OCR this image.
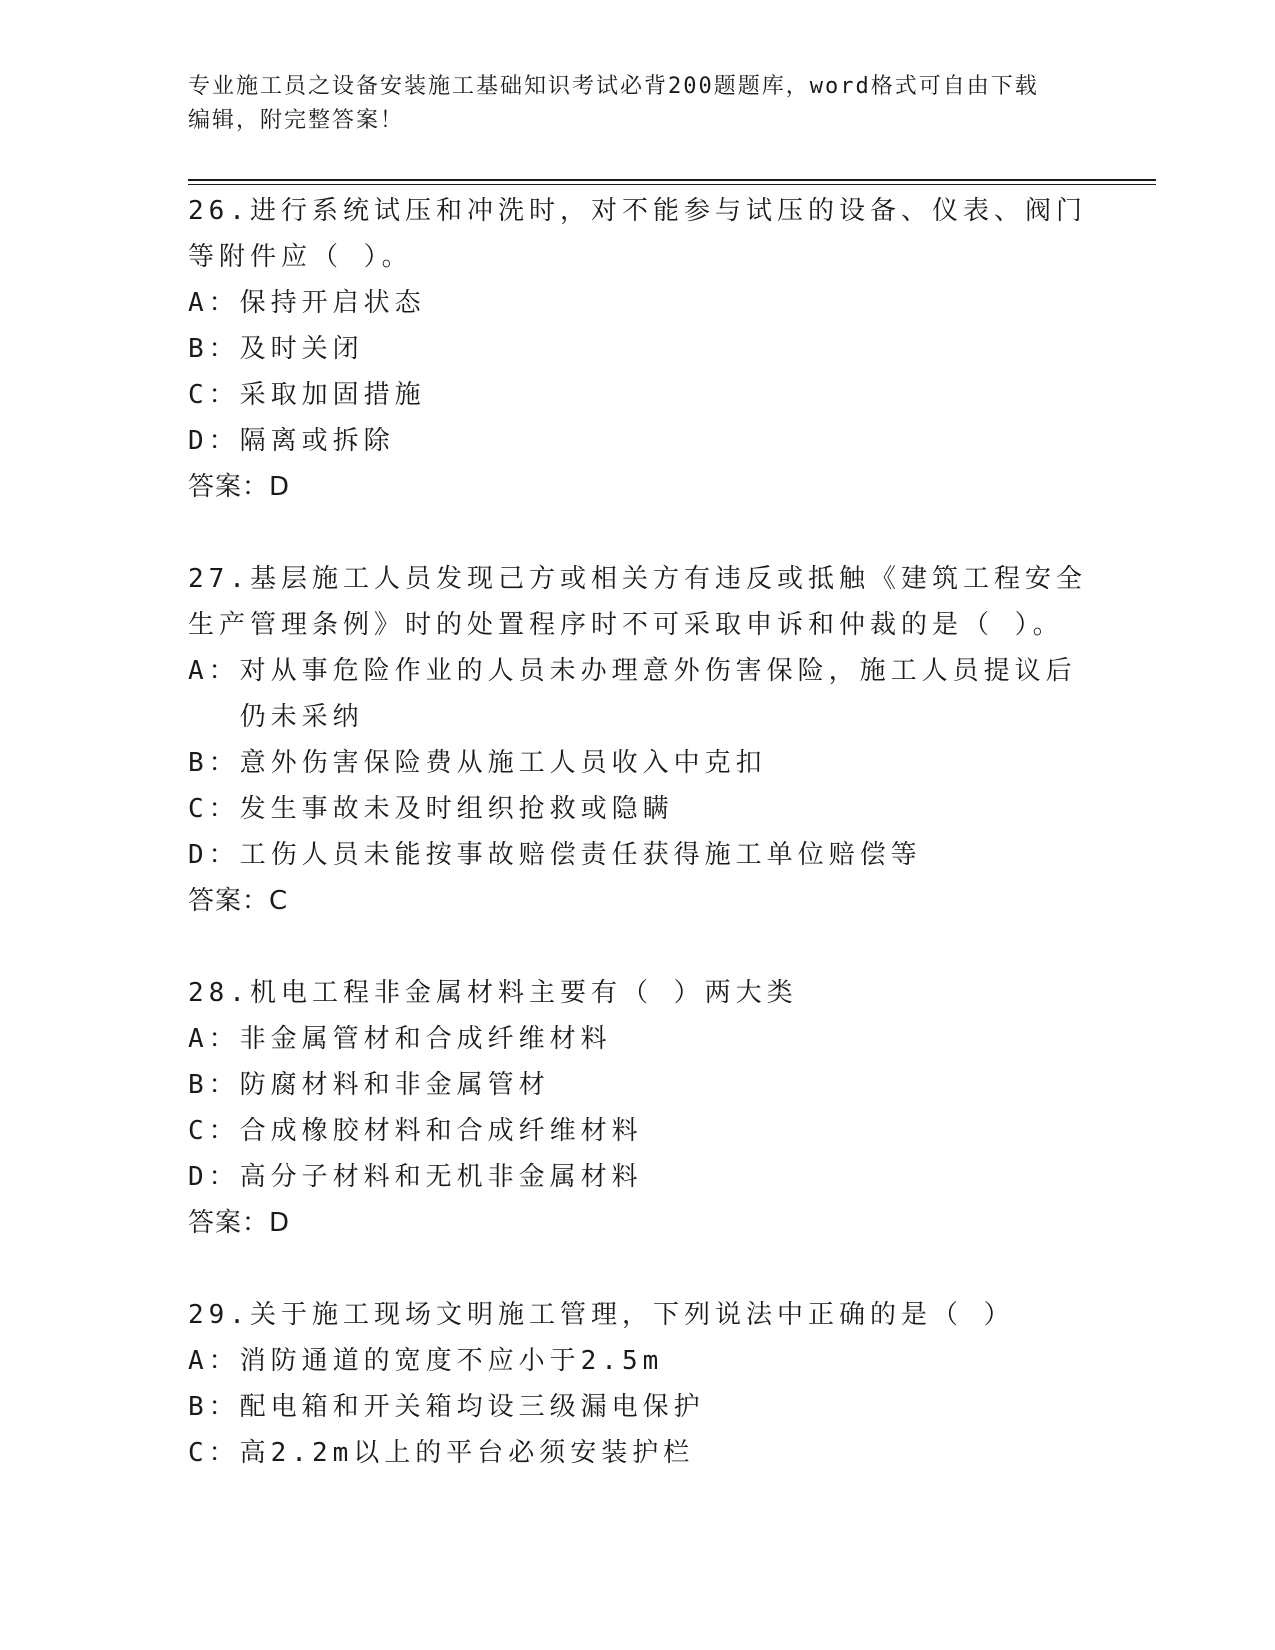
专业施工员之设备安装施工基础知识考试必背200题题库，word格式可自由下载
编辑，附完整答案！

26.进行系统试压和冲洗时，对不能参与试压的设备、仪表、阀门等附件应（ ）。

A： 保持开启状态

B： 及时关闭

C： 采取加固措施

D： 隔离或拆除

答案：D

27.基层施工人员发现己方或相关方有违反或抵触《建筑工程安全生产管理条例》时的处置程序时不可采取申诉和仲裁的是（ ）。

A： 对从事危险作业的人员未办理意外伤害保险，施工人员提议后仍未采纳

B： 意外伤害保险费从施工人员收入中克扣

C： 发生事故未及时组织抢救或隐瞒

D： 工伤人员未能按事故赔偿责任获得施工单位赔偿等

答案：C

28.机电工程非金属材料主要有（ ）两大类

A： 非金属管材和合成纤维材料

B： 防腐材料和非金属管材

C： 合成橡胶材料和合成纤维材料

D： 高分子材料和无机非金属材料

答案：D

29.关于施工现场文明施工管理，下列说法中正确的是（ ）

A： 消防通道的宽度不应小于2.5m

B： 配电箱和开关箱均设三级漏电保护

C： 高2.2m以上的平台必须安装护栏
